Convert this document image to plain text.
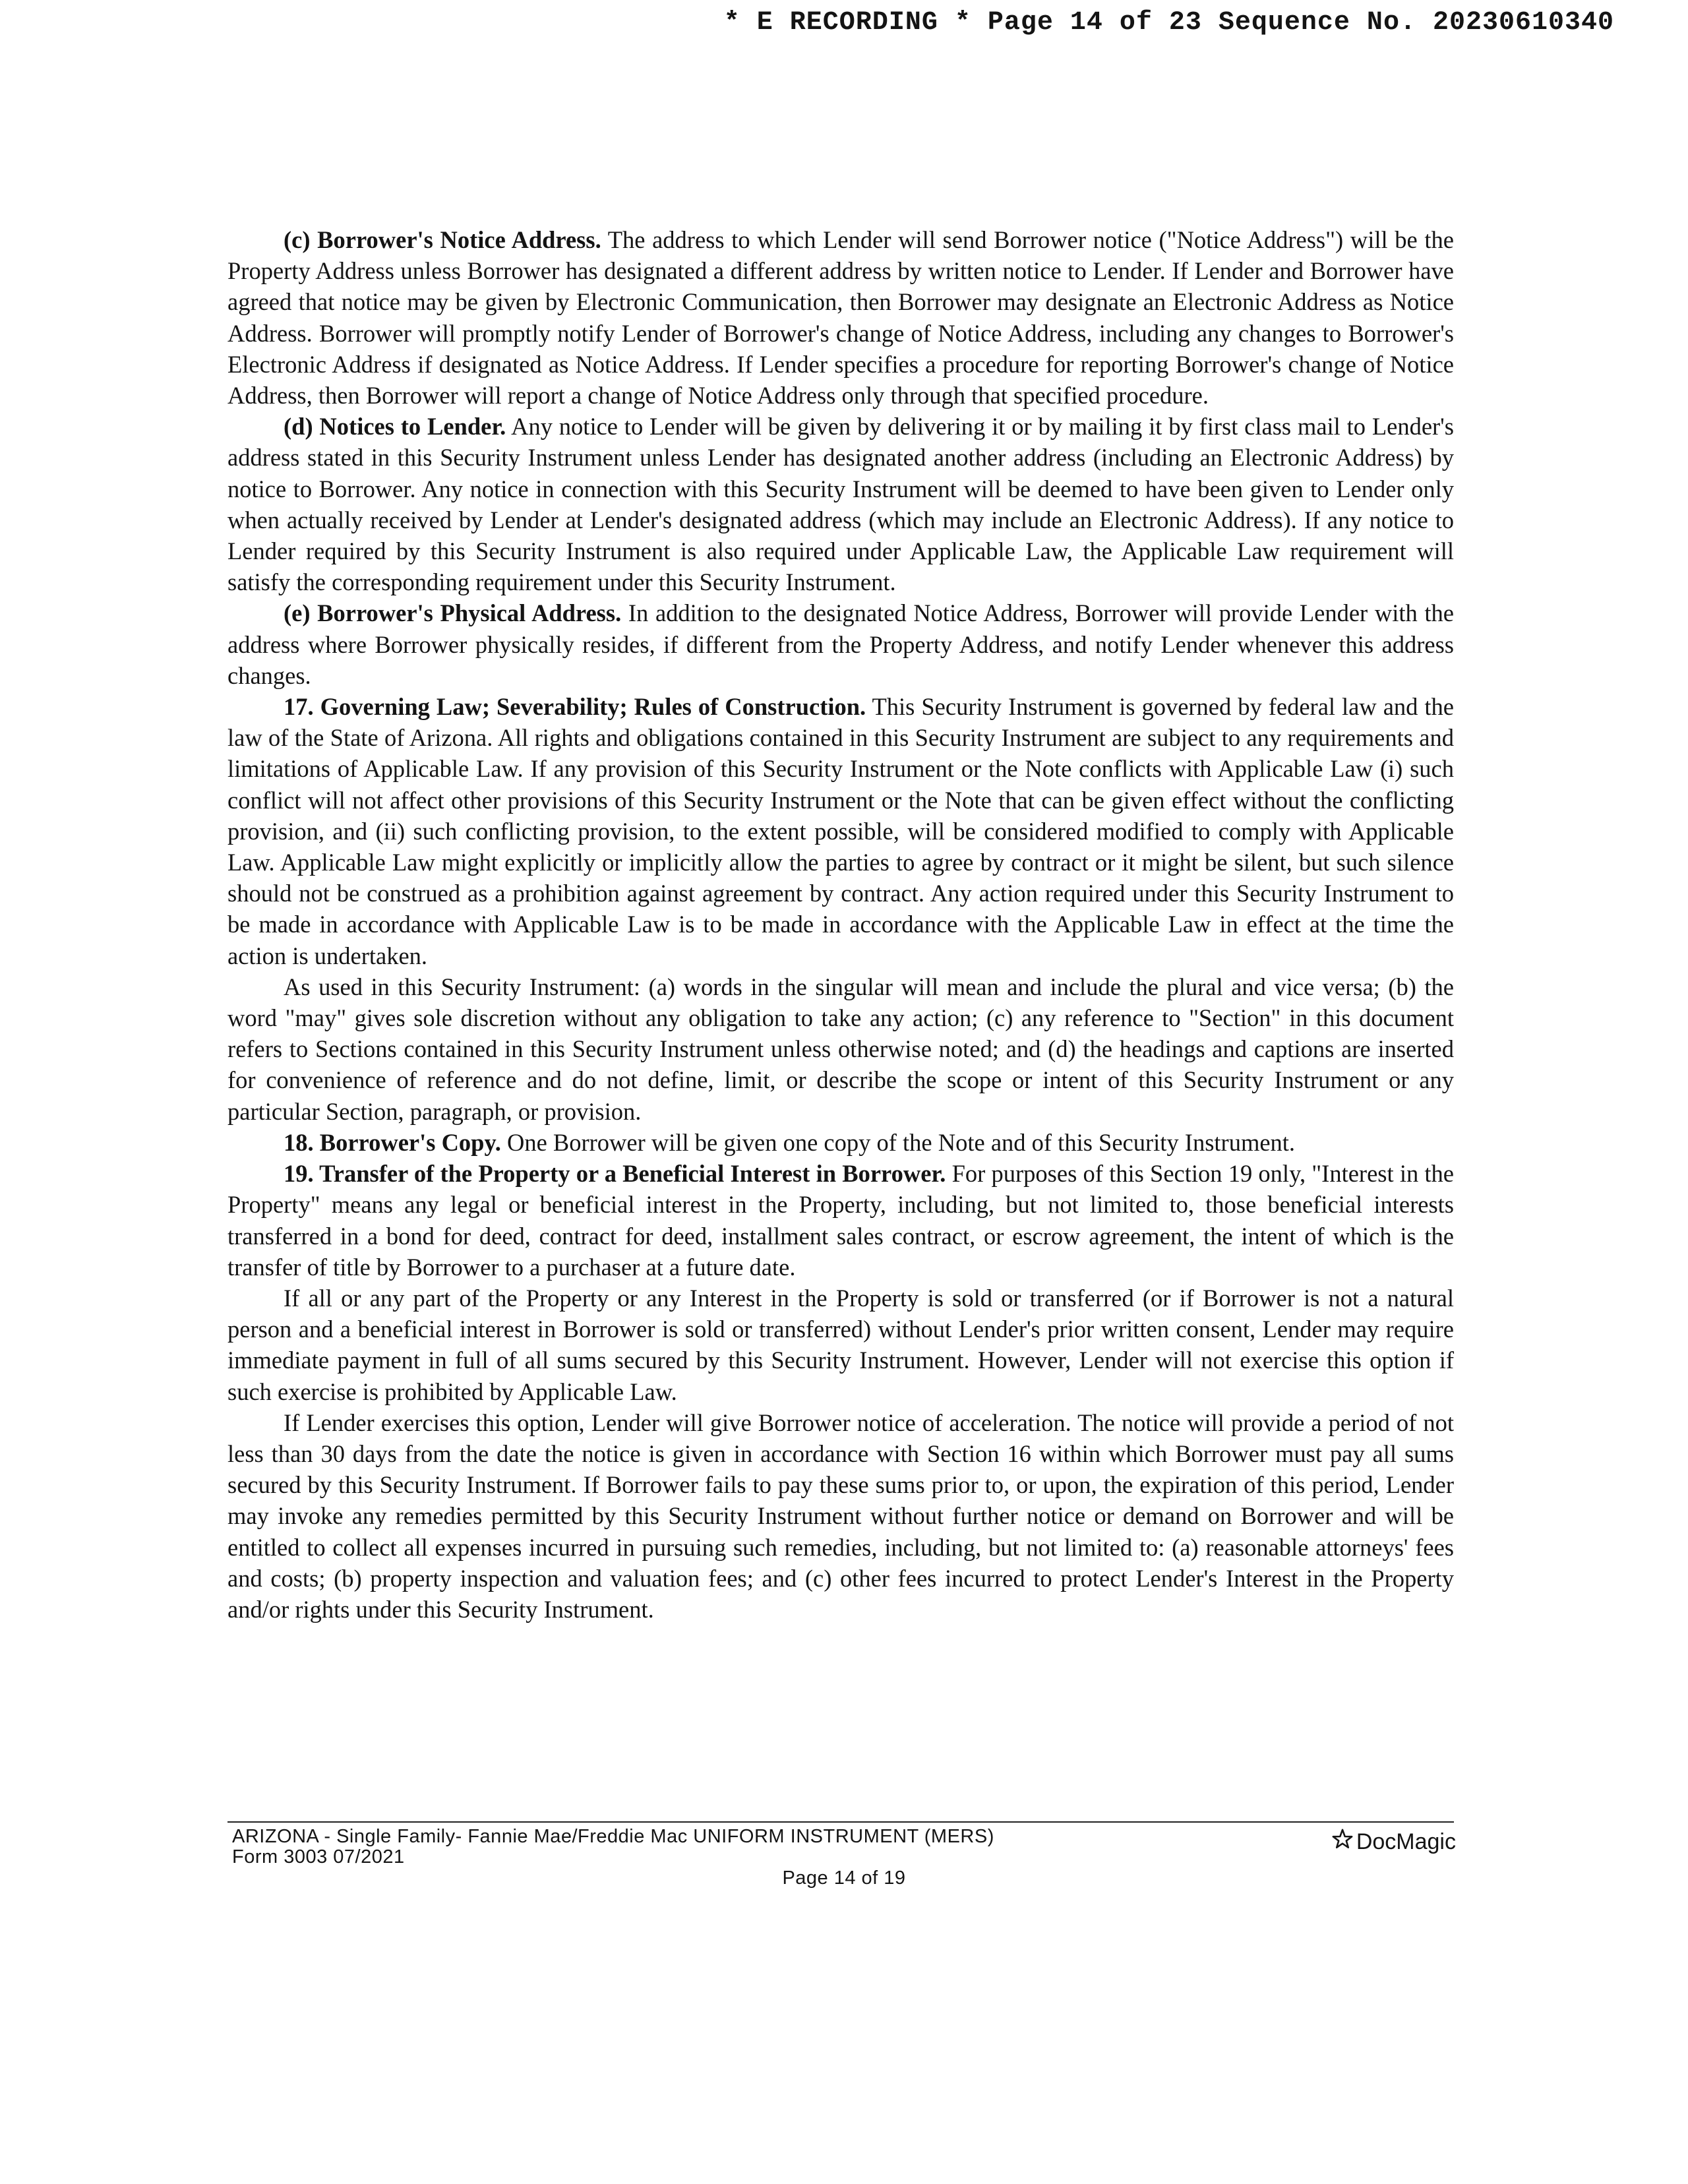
* E RECORDING * Page 14 of 23 Sequence No. 20230610340

(c) Borrower's Notice Address. The address to which Lender will send Borrower notice ("Notice Address") will be the Property Address unless Borrower has designated a different address by written notice to Lender. If Lender and Borrower have agreed that notice may be given by Electronic Communication, then Borrower may designate an Electronic Address as Notice Address. Borrower will promptly notify Lender of Borrower's change of Notice Address, including any changes to Borrower's Electronic Address if designated as Notice Address. If Lender specifies a procedure for reporting Borrower's change of Notice Address, then Borrower will report a change of Notice Address only through that specified procedure.

(d) Notices to Lender. Any notice to Lender will be given by delivering it or by mailing it by first class mail to Lender's address stated in this Security Instrument unless Lender has designated another address (including an Electronic Address) by notice to Borrower. Any notice in connection with this Security Instrument will be deemed to have been given to Lender only when actually received by Lender at Lender's designated address (which may include an Electronic Address). If any notice to Lender required by this Security Instrument is also required under Applicable Law, the Applicable Law requirement will satisfy the corresponding requirement under this Security Instrument.

(e) Borrower's Physical Address. In addition to the designated Notice Address, Borrower will provide Lender with the address where Borrower physically resides, if different from the Property Address, and notify Lender whenever this address changes.

17. Governing Law; Severability; Rules of Construction. This Security Instrument is governed by federal law and the law of the State of Arizona. All rights and obligations contained in this Security Instrument are subject to any requirements and limitations of Applicable Law. If any provision of this Security Instrument or the Note conflicts with Applicable Law (i) such conflict will not affect other provisions of this Security Instrument or the Note that can be given effect without the conflicting provision, and (ii) such conflicting provision, to the extent possible, will be considered modified to comply with Applicable Law. Applicable Law might explicitly or implicitly allow the parties to agree by contract or it might be silent, but such silence should not be construed as a prohibition against agreement by contract. Any action required under this Security Instrument to be made in accordance with Applicable Law is to be made in accordance with the Applicable Law in effect at the time the action is undertaken.

As used in this Security Instrument: (a) words in the singular will mean and include the plural and vice versa; (b) the word "may" gives sole discretion without any obligation to take any action; (c) any reference to "Section" in this document refers to Sections contained in this Security Instrument unless otherwise noted; and (d) the headings and captions are inserted for convenience of reference and do not define, limit, or describe the scope or intent of this Security Instrument or any particular Section, paragraph, or provision.

18. Borrower's Copy. One Borrower will be given one copy of the Note and of this Security Instrument.

19. Transfer of the Property or a Beneficial Interest in Borrower. For purposes of this Section 19 only, "Interest in the Property" means any legal or beneficial interest in the Property, including, but not limited to, those beneficial interests transferred in a bond for deed, contract for deed, installment sales contract, or escrow agreement, the intent of which is the transfer of title by Borrower to a purchaser at a future date.

If all or any part of the Property or any Interest in the Property is sold or transferred (or if Borrower is not a natural person and a beneficial interest in Borrower is sold or transferred) without Lender's prior written consent, Lender may require immediate payment in full of all sums secured by this Security Instrument. However, Lender will not exercise this option if such exercise is prohibited by Applicable Law.

If Lender exercises this option, Lender will give Borrower notice of acceleration. The notice will provide a period of not less than 30 days from the date the notice is given in accordance with Section 16 within which Borrower must pay all sums secured by this Security Instrument. If Borrower fails to pay these sums prior to, or upon, the expiration of this period, Lender may invoke any remedies permitted by this Security Instrument without further notice or demand on Borrower and will be entitled to collect all expenses incurred in pursuing such remedies, including, but not limited to: (a) reasonable attorneys' fees and costs; (b) property inspection and valuation fees; and (c) other fees incurred to protect Lender's Interest in the Property and/or rights under this Security Instrument.

ARIZONA - Single Family- Fannie Mae/Freddie Mac UNIFORM INSTRUMENT (MERS)
Form 3003 07/2021
DocMagic
Page 14 of 19
